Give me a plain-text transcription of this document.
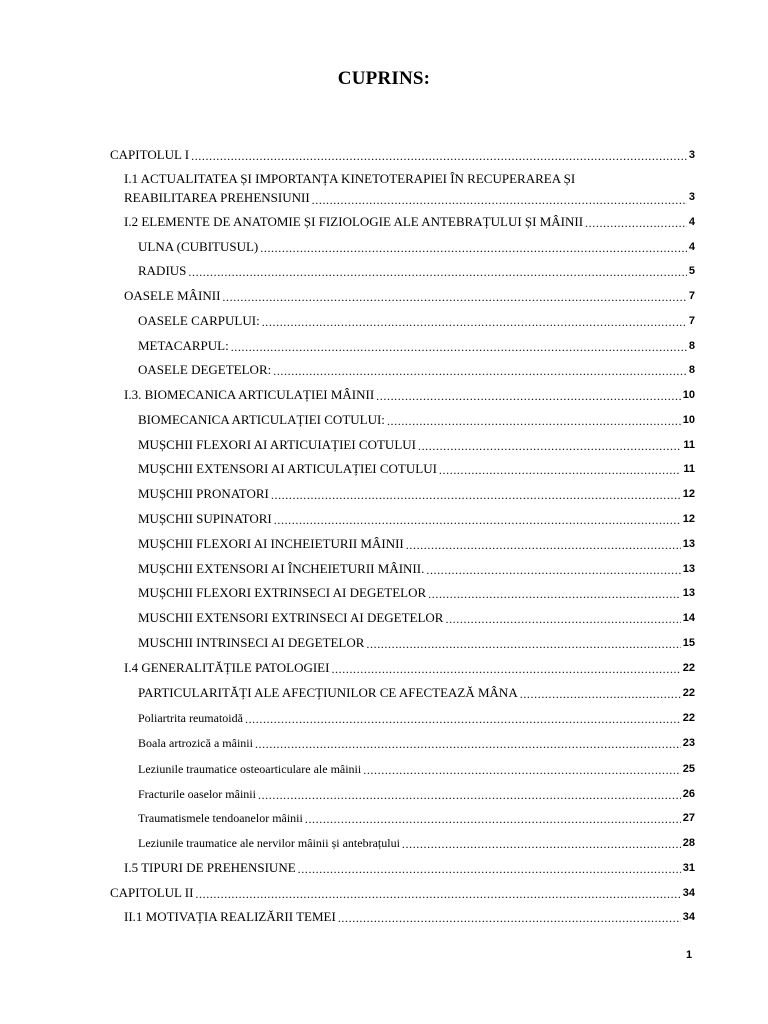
CUPRINS:
CAPITOLUL I .....	3
I.1 ACTUALITATEA ȘI IMPORTANȚA KINETOTERAPIEI ÎN RECUPERAREA ȘI
REABILITAREA PREHENSIUNII .....	3
I.2 ELEMENTE DE ANATOMIE ȘI FIZIOLOGIE ALE ANTEBRAȚULUI ȘI MÂINII .....	4
ULNA (CUBITUSUL) .....	4
RADIUS .....	5
OASELE MÂINII .....	7
OASELE CARPULUI: .....	7
METACARPUL: .....	8
OASELE DEGETELOR: .....	8
I.3. BIOMECANICA ARTICULAȚIEI MÂINII .....	10
BIOMECANICA ARTICULAȚIEI COTULUI: .....	10
MUȘCHII FLEXORI AI ARTICUIAȚIEI COTULUI .....	11
MUȘCHII EXTENSORI AI ARTICULAȚIEI COTULUI .....	11
MUȘCHII PRONATORI .....	12
MUȘCHII SUPINATORI .....	12
MUȘCHII FLEXORI AI INCHEIETURII MÂINII .....	13
MUȘCHII EXTENSORI AI ÎNCHEIETURII MÂINII. .....	13
MUȘCHII FLEXORI EXTRINSECI AI DEGETELOR .....	13
MUSCHII EXTENSORI EXTRINSECI AI DEGETELOR .....	14
MUSCHII INTRINSECI AI DEGETELOR .....	15
I.4 GENERALITĂȚILE PATOLOGIEI .....	22
PARTICULARITĂȚI ALE AFECȚIUNILOR CE AFECTEAZĂ MÂNA .....	22
Poliartrita reumatoidă .....	22
Boala artrozică a mâinii .....	23
Leziunile traumatice osteoarticulare ale mâinii .....	25
Fracturile oaselor mâinii .....	26
Traumatismele tendoanelor mâinii .....	27
Leziunile traumatice ale nervilor mâinii și antebrațului .....	28
I.5 TIPURI DE PREHENSIUNE .....	31
CAPITOLUL II .....	34
II.1 MOTIVAȚIA REALIZĂRII TEMEI .....	34
1
